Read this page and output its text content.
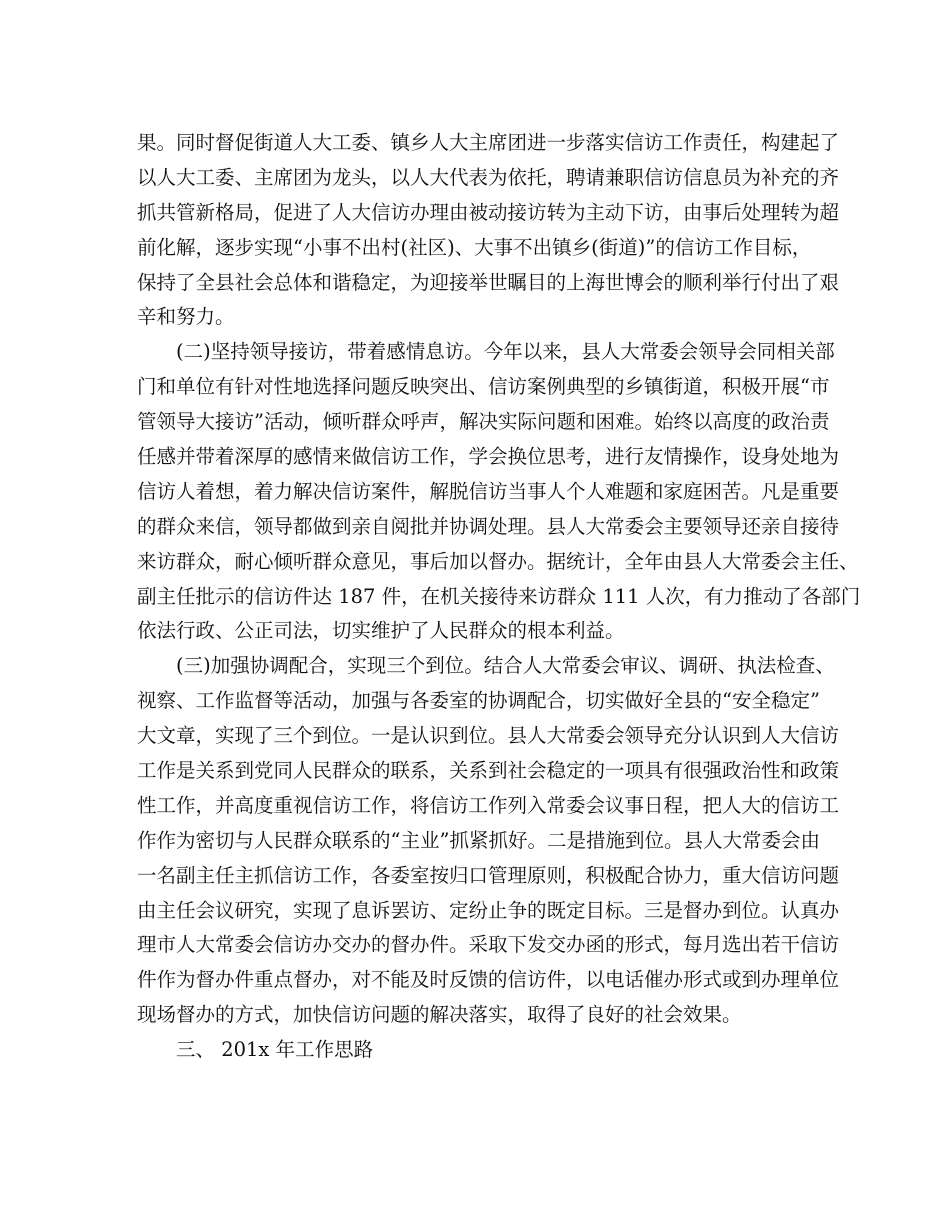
果。同时督促街道人大工委、镇乡人大主席团进一步落实信访工作责任，构建起了
以人大工委、主席团为龙头，以人大代表为依托，聘请兼职信访信息员为补充的齐
抓共管新格局，促进了人大信访办理由被动接访转为主动下访，由事后处理转为超
前化解，逐步实现“小事不出村(社区)、大事不出镇乡(街道)”的信访工作目标，
保持了全县社会总体和谐稳定，为迎接举世瞩目的上海世博会的顺利举行付出了艰
辛和努力。
(二)坚持领导接访，带着感情息访。今年以来，县人大常委会领导会同相关部
门和单位有针对性地选择问题反映突出、信访案例典型的乡镇街道，积极开展“市
管领导大接访”活动，倾听群众呼声，解决实际问题和困难。始终以高度的政治责
任感并带着深厚的感情来做信访工作，学会换位思考，进行友情操作，设身处地为
信访人着想，着力解决信访案件，解脱信访当事人个人难题和家庭困苦。凡是重要
的群众来信，领导都做到亲自阅批并协调处理。县人大常委会主要领导还亲自接待
来访群众，耐心倾听群众意见，事后加以督办。据统计，全年由县人大常委会主任、
副主任批示的信访件达 187 件，在机关接待来访群众 111 人次，有力推动了各部门
依法行政、公正司法，切实维护了人民群众的根本利益。
(三)加强协调配合，实现三个到位。结合人大常委会审议、调研、执法检查、
视察、工作监督等活动，加强与各委室的协调配合，切实做好全县的“安全稳定”
大文章，实现了三个到位。一是认识到位。县人大常委会领导充分认识到人大信访
工作是关系到党同人民群众的联系，关系到社会稳定的一项具有很强政治性和政策
性工作，并高度重视信访工作，将信访工作列入常委会议事日程，把人大的信访工
作作为密切与人民群众联系的“主业”抓紧抓好。二是措施到位。县人大常委会由
一名副主任主抓信访工作，各委室按归口管理原则，积极配合协力，重大信访问题
由主任会议研究，实现了息诉罢访、定纷止争的既定目标。三是督办到位。认真办
理市人大常委会信访办交办的督办件。采取下发交办函的形式，每月选出若干信访
件作为督办件重点督办，对不能及时反馈的信访件，以电话催办形式或到办理单位
现场督办的方式，加快信访问题的解决落实，取得了良好的社会效果。
三、 201x 年工作思路
